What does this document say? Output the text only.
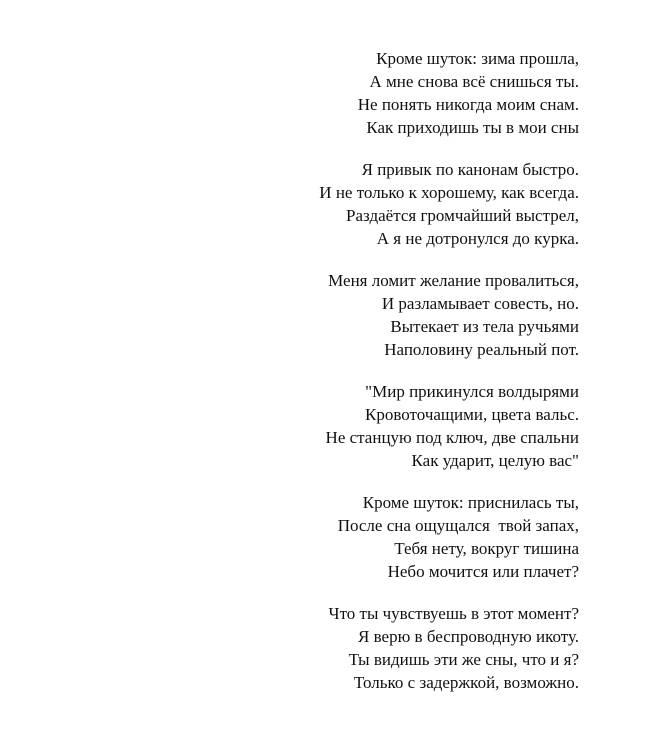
Кроме шуток: зима прошла,
А мне снова всё снишься ты.
Не понять никогда моим снам.
Как приходишь ты в мои сны
Я привык по канонам быстро.
И не только к хорошему, как всегда.
Раздаётся громчайший выстрел,
А я не дотронулся до курка.
Меня ломит желание провалиться,
И разламывает совесть, но.
Вытекает из тела ручьями
Наполовину реальный пот.
"Мир прикинулся волдырями
Кровоточащими, цвета вальс.
Не станцую под ключ, две спальни
Как ударит, целую вас"
Кроме шуток: приснилась ты,
После сна ощущался  твой запах,
Тебя нету, вокруг тишина
Небо мочится или плачет?
Что ты чувствуешь в этот момент?
Я верю в беспроводную икоту.
Ты видишь эти же сны, что и я?
Только с задержкой, возможно.
